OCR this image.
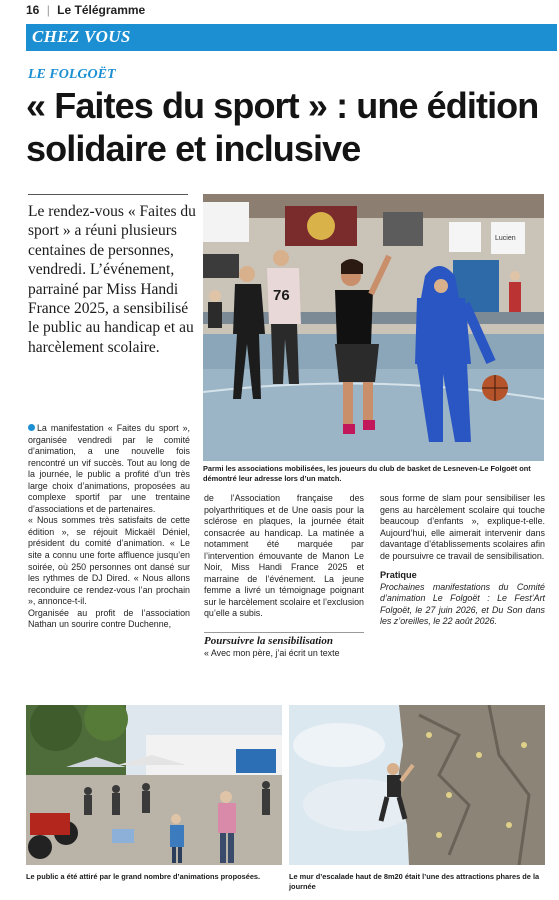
16 | Le Télégramme
CHEZ VOUS
LE FOLGOËT
« Faites du sport » : une édition solidaire et inclusive
Le rendez-vous « Faites du sport » a réuni plusieurs centaines de personnes, vendredi. L’événement, parrainé par Miss Handi France 2025, a sensibilisé le public au handicap et au harcèlement scolaire.
Lucien
76
Parmi les associations mobilisées, les joueurs du club de basket de Lesneven-Le Folgoët ont démontré leur adresse lors d’un match.

La manifestation « Faites du sport », organisée vendredi par le comité d’animation, a une nouvelle fois rencontré un vif succès. Tout au long de la journée, le public a profité d’un très large choix d’animations, proposées au complexe sportif par une trentaine d’associations et de partenaires.

« Nous sommes très satisfaits de cette édition », se réjouit Mickaël Déniel, président du comité d’animation. « Le site a connu une forte affluence jusqu’en soirée, où 250 personnes ont dansé sur les rythmes de DJ Dired. « Nous allons reconduire ce rendez-vous l’an prochain », annonce-t-il.

Organisée au profit de l’association Nathan un sourire contre Duchenne,

de l’Association française des polyarthritiques et de Une oasis pour la sclérose en plaques, la journée était consacrée au handicap. La matinée a notamment été marquée par l’intervention émouvante de Manon Le Noir, Miss Handi France 2025 et marraine de l’événement. La jeune femme a livré un témoignage poignant sur le harcèlement scolaire et l’exclusion qu’elle a subis.

Poursuivre la sensibilisation

« Avec mon père, j’ai écrit un texte

sous forme de slam pour sensibiliser les gens au harcèlement scolaire qui touche beaucoup d’enfants », explique-t-elle. Aujourd’hui, elle aimerait intervenir dans davantage d’établissements scolaires afin de poursuivre ce travail de sensibilisation.

Pratique

Prochaines manifestations du Comité d’animation Le Folgoët : Le Fest’Art Folgoët, le 27 juin 2026, et Du Son dans les z’oreilles, le 22 août 2026.

Le public a été attiré par le grand nombre d’animations proposées.	Le mur d’escalade haut de 8m20 était l’une des attractions phares de la journée
